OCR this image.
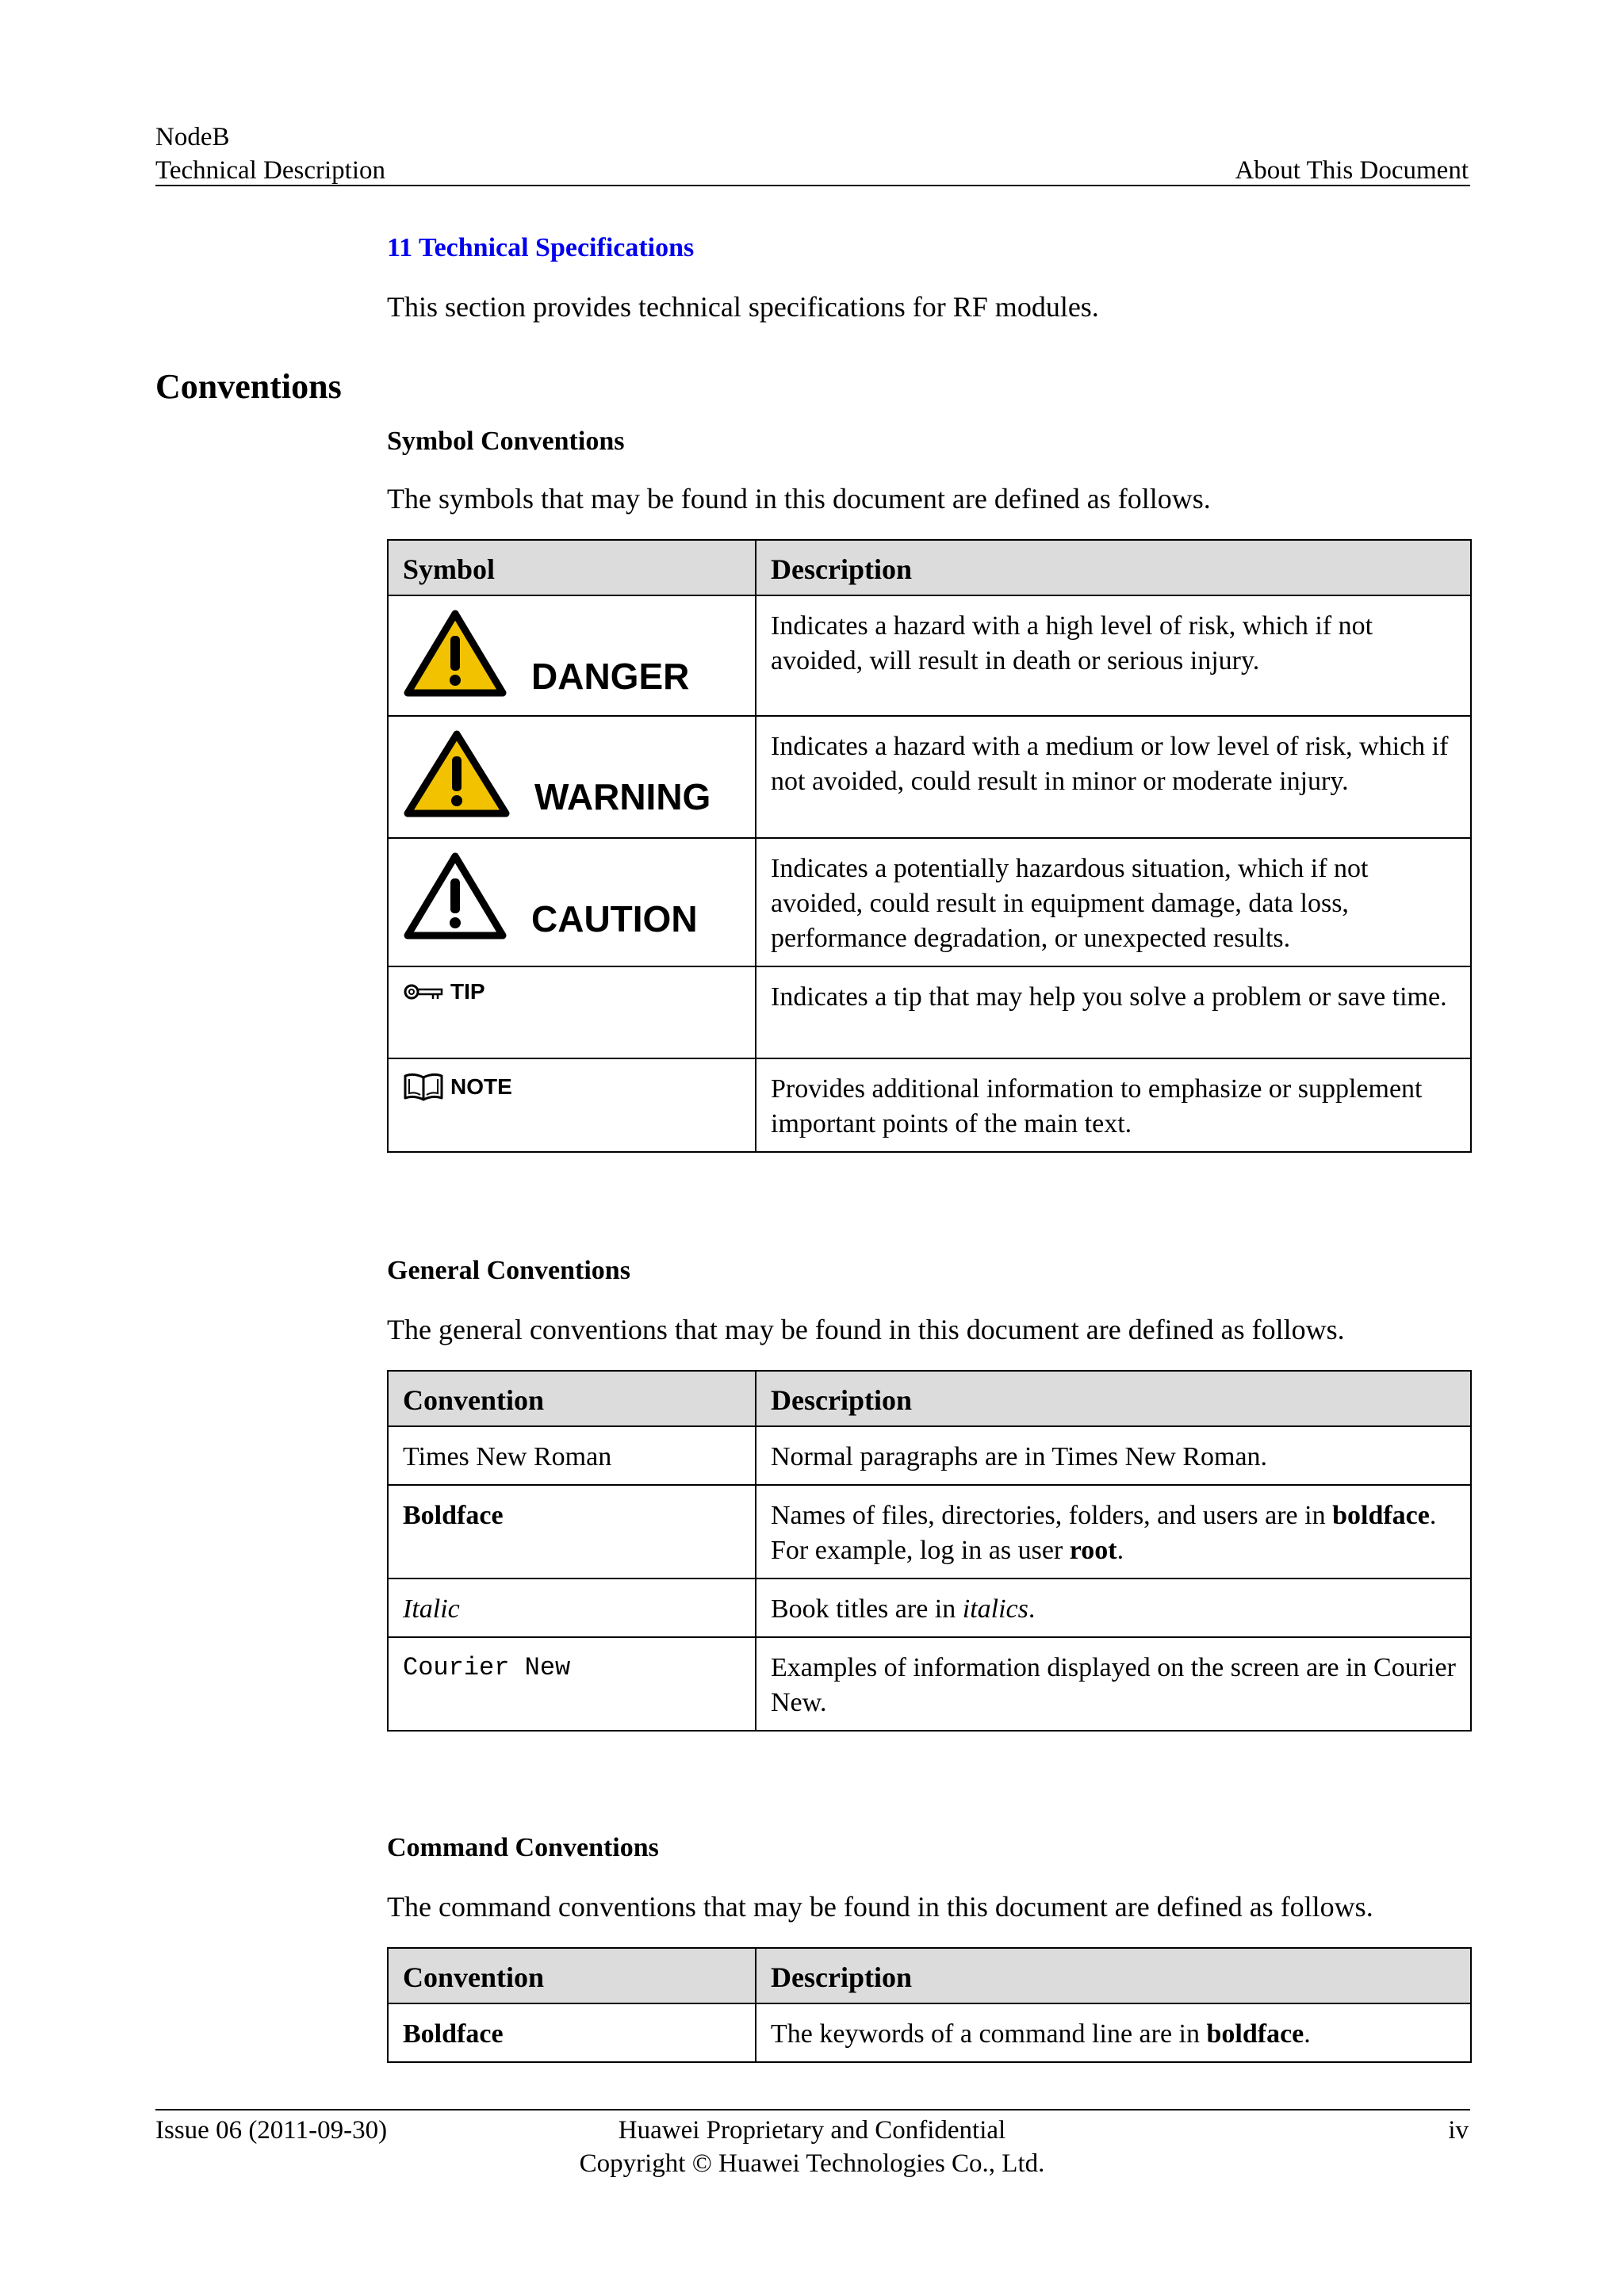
NodeB
Technical Description	About This Document
11 Technical Specifications
This section provides technical specifications for RF modules.
Conventions
Symbol Conventions
The symbols that may be found in this document are defined as follows.
Symbol	Description

DANGER	Indicates a hazard with a high level of risk, which if not avoided, will result in death or serious injury.

WARNING	Indicates a hazard with a medium or low level of risk, which if not avoided, could result in minor or moderate injury.

CAUTION	Indicates a potentially hazardous situation, which if not avoided, could result in equipment damage, data loss, performance degradation, or unexpected results.

TIP	Indicates a tip that may help you solve a problem or save time.

NOTE	Provides additional information to emphasize or supplement important points of the main text.
General Conventions
The general conventions that may be found in this document are defined as follows.
Convention	Description
Times New Roman	Normal paragraphs are in Times New Roman.
Boldface	Names of files, directories, folders, and users are in boldface. For example, log in as user root.
Italic	Book titles are in italics.
Courier New	Examples of information displayed on the screen are in Courier New.
Command Conventions
The command conventions that may be found in this document are defined as follows.
Convention	Description
Boldface	The keywords of a command line are in boldface.
Issue 06 (2011-09-30)	Huawei Proprietary and Confidential
Copyright © Huawei Technologies Co., Ltd.
iv
